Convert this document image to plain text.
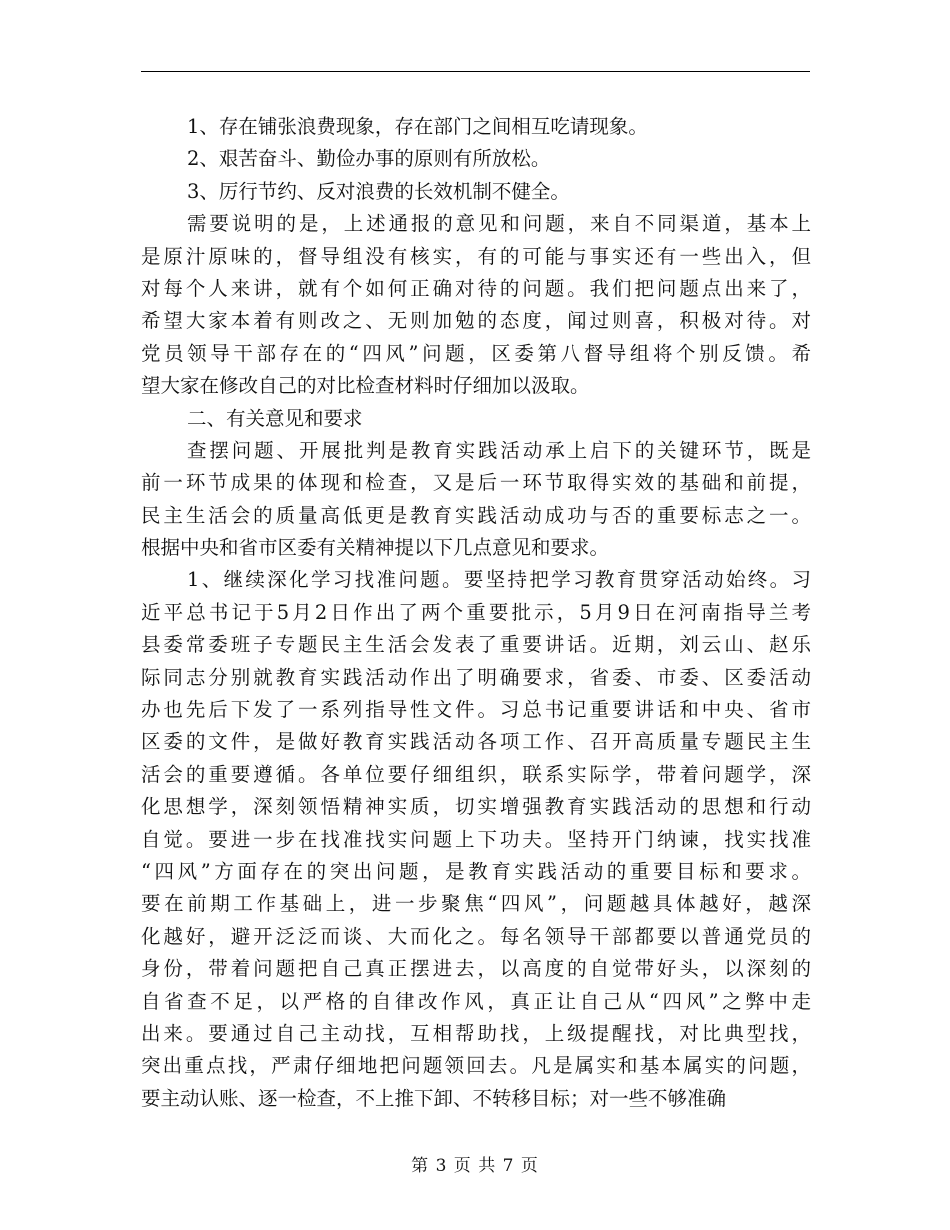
1、存在铺张浪费现象，存在部门之间相互吃请现象。
2、艰苦奋斗、勤俭办事的原则有所放松。
3、厉行节约、反对浪费的长效机制不健全。
需要说明的是，上述通报的意见和问题，来自不同渠道，基本上
是原汁原味的，督导组没有核实，有的可能与事实还有一些出入，但
对每个人来讲，就有个如何正确对待的问题。我们把问题点出来了，
希望大家本着有则改之、无则加勉的态度，闻过则喜，积极对待。对
党员领导干部存在的“四风”问题，区委第八督导组将个别反馈。希
望大家在修改自己的对比检查材料时仔细加以汲取。
二、有关意见和要求
查摆问题、开展批判是教育实践活动承上启下的关键环节，既是
前一环节成果的体现和检查，又是后一环节取得实效的基础和前提，
民主生活会的质量高低更是教育实践活动成功与否的重要标志之一。
根据中央和省市区委有关精神提以下几点意见和要求。
1、继续深化学习找准问题。要坚持把学习教育贯穿活动始终。习
近平总书记于5月2日作出了两个重要批示，5月9日在河南指导兰考
县委常委班子专题民主生活会发表了重要讲话。近期，刘云山、赵乐
际同志分别就教育实践活动作出了明确要求，省委、市委、区委活动
办也先后下发了一系列指导性文件。习总书记重要讲话和中央、省市
区委的文件，是做好教育实践活动各项工作、召开高质量专题民主生
活会的重要遵循。各单位要仔细组织，联系实际学，带着问题学，深
化思想学，深刻领悟精神实质，切实增强教育实践活动的思想和行动
自觉。要进一步在找准找实问题上下功夫。坚持开门纳谏，找实找准
“四风”方面存在的突出问题，是教育实践活动的重要目标和要求。
要在前期工作基础上，进一步聚焦“四风”，问题越具体越好，越深
化越好，避开泛泛而谈、大而化之。每名领导干部都要以普通党员的
身份，带着问题把自己真正摆进去，以高度的自觉带好头，以深刻的
自省查不足，以严格的自律改作风，真正让自己从“四风”之弊中走
出来。要通过自己主动找，互相帮助找，上级提醒找，对比典型找，
突出重点找，严肃仔细地把问题领回去。凡是属实和基本属实的问题，
要主动认账、逐一检查，不上推下卸、不转移目标；对一些不够准确
第 3 页 共 7 页
